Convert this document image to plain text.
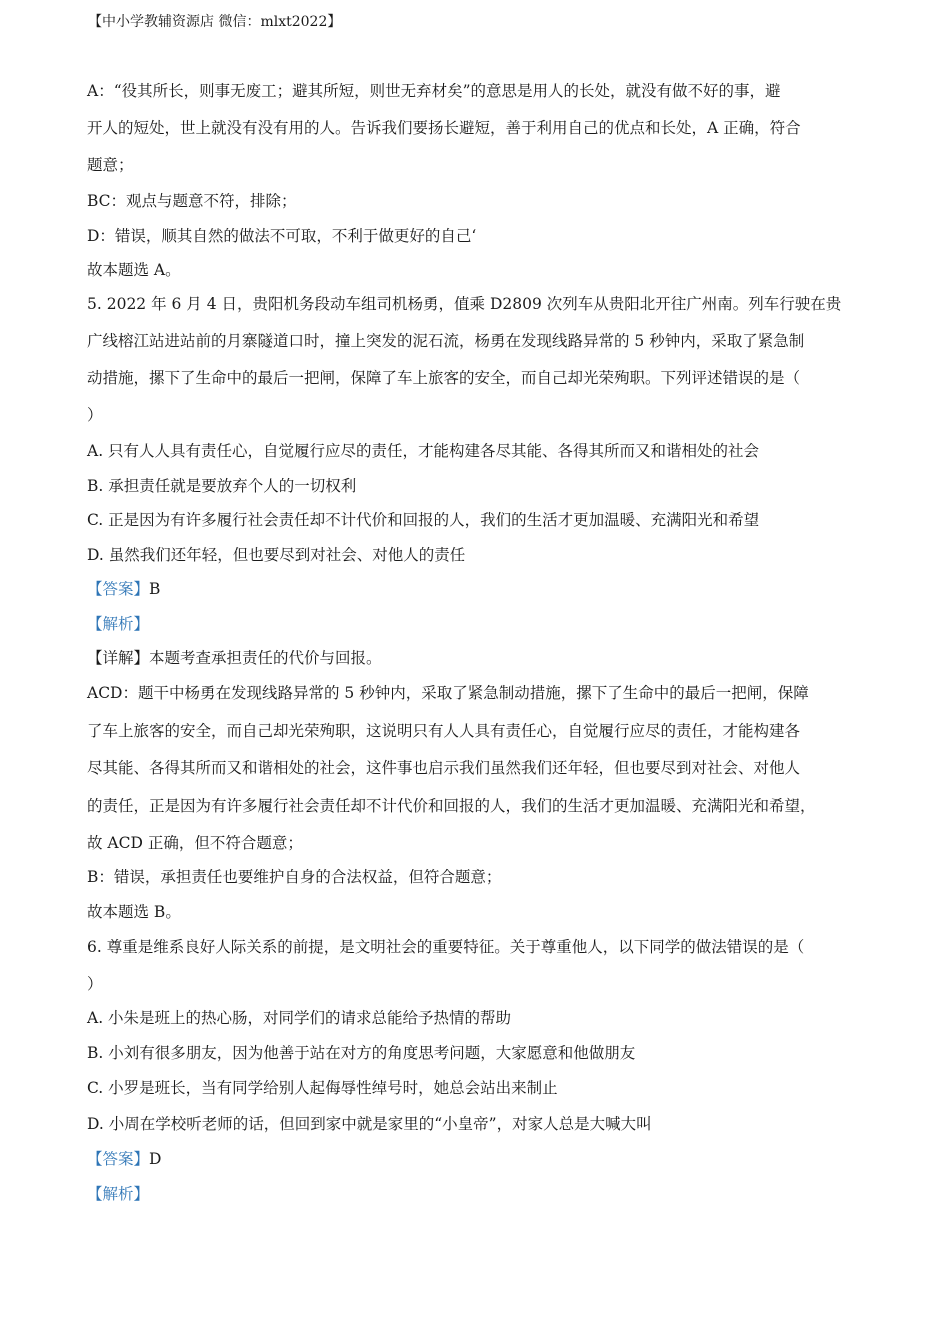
【中小学教辅资源店 微信：mlxt2022】
A：“役其所长，则事无废工；避其所短，则世无弃材矣”的意思是用人的长处，就没有做不好的事，避
开人的短处，世上就没有没有用的人。告诉我们要扬长避短，善于利用自己的优点和长处，A 正确，符合
题意；
BC：观点与题意不符，排除；
D：错误，顺其自然的做法不可取，不利于做更好的自己‘
故本题选 A。
5. 2022 年 6 月 4 日，贵阳机务段动车组司机杨勇，值乘 D2809 次列车从贵阳北开往广州南。列车行驶在贵
广线榕江站进站前的月寨隧道口时，撞上突发的泥石流，杨勇在发现线路异常的 5 秒钟内，采取了紧急制
动措施，摞下了生命中的最后一把闸，保障了车上旅客的安全，而自己却光荣殉职。下列评述错误的是（
）
A. 只有人人具有责任心，自觉履行应尽的责任，才能构建各尽其能、各得其所而又和谐相处的社会
B. 承担责任就是要放弃个人的一切权利
C. 正是因为有许多履行社会责任却不计代价和回报的人，我们的生活才更加温暖、充满阳光和希望
D. 虽然我们还年轻，但也要尽到对社会、对他人的责任
【答案】B
【解析】
【详解】本题考查承担责任的代价与回报。
ACD：题干中杨勇在发现线路异常的 5 秒钟内，采取了紧急制动措施，摞下了生命中的最后一把闸，保障
了车上旅客的安全，而自己却光荣殉职，这说明只有人人具有责任心，自觉履行应尽的责任，才能构建各
尽其能、各得其所而又和谐相处的社会，这件事也启示我们虽然我们还年轻，但也要尽到对社会、对他人
的责任，正是因为有许多履行社会责任却不计代价和回报的人，我们的生活才更加温暖、充满阳光和希望，
故 ACD 正确，但不符合题意；
B：错误，承担责任也要维护自身的合法权益，但符合题意；
故本题选 B。
6. 尊重是维系良好人际关系的前提，是文明社会的重要特征。关于尊重他人，以下同学的做法错误的是（
）
A. 小朱是班上的热心肠，对同学们的请求总能给予热情的帮助
B. 小刘有很多朋友，因为他善于站在对方的角度思考问题，大家愿意和他做朋友
C. 小罗是班长，当有同学给别人起侮辱性绰号时，她总会站出来制止
D. 小周在学校听老师的话，但回到家中就是家里的“小皇帝”，对家人总是大喊大叫
【答案】D
【解析】
